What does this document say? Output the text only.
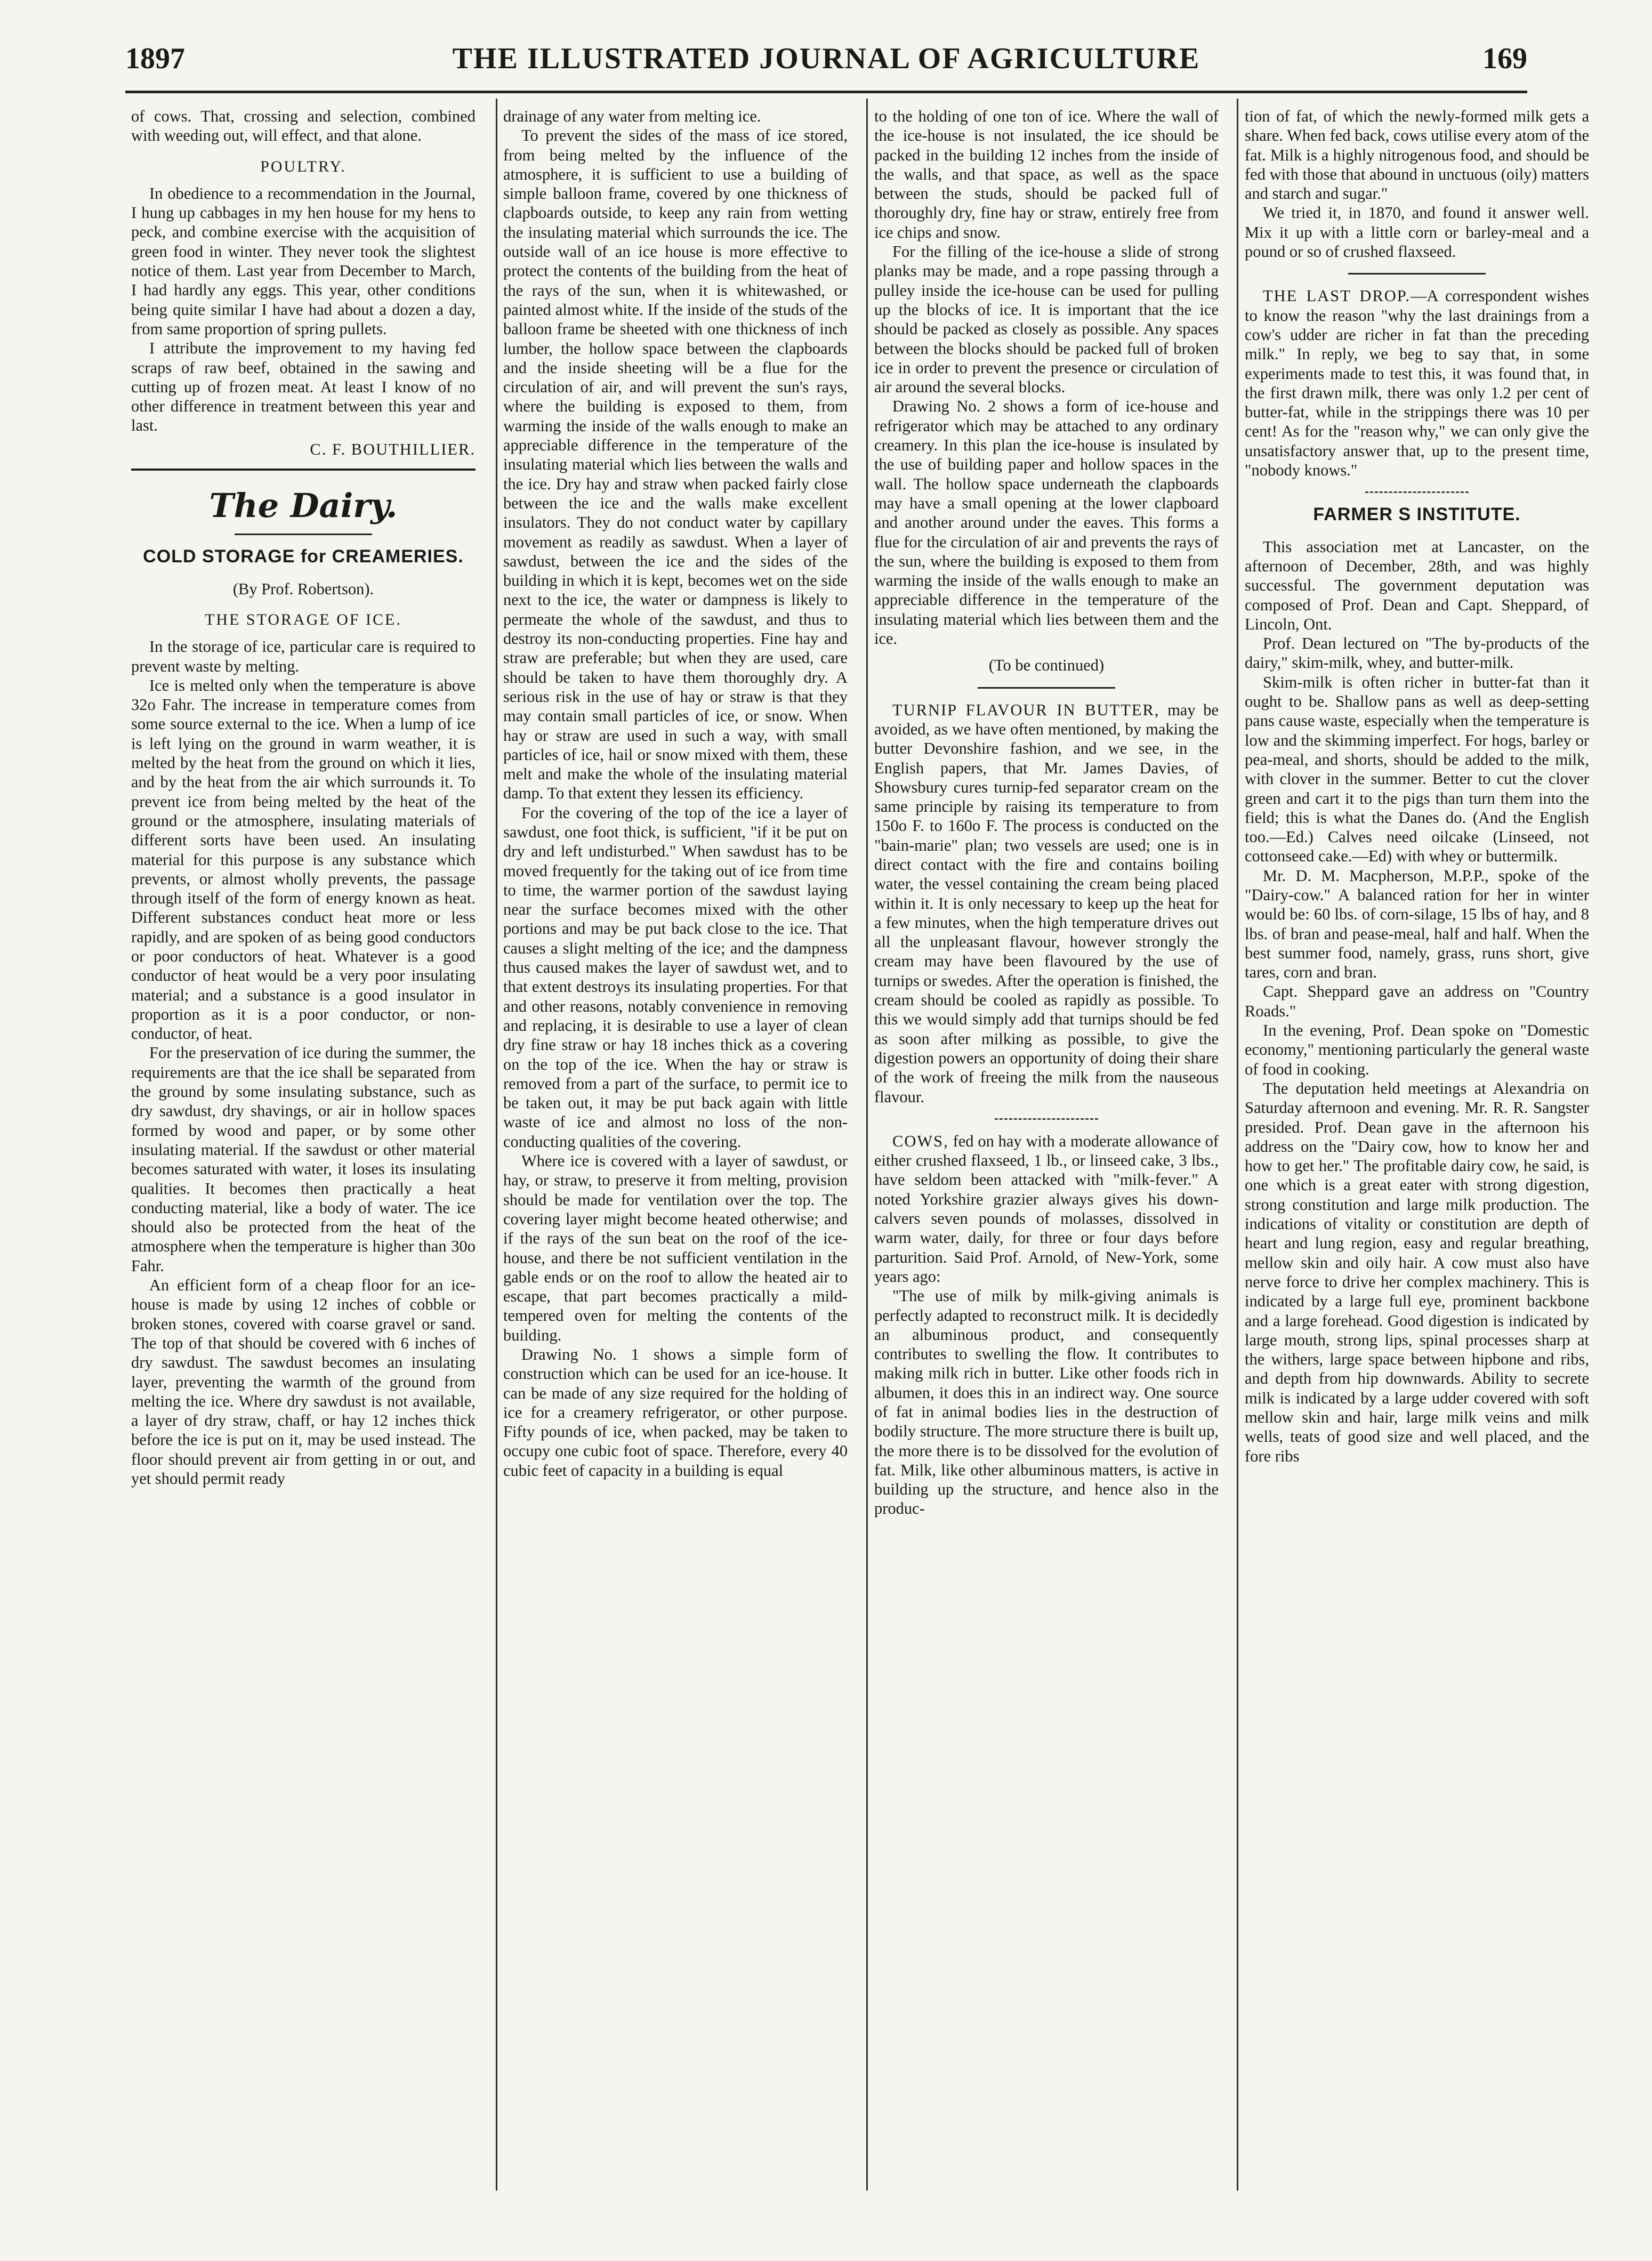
1897	THE ILLUSTRATED JOURNAL OF AGRICULTURE	169

of cows. That, crossing and selection, combined with weeding out, will effect, and that alone.

POULTRY.

In obedience to a recommendation in the Journal, I hung up cabbages in my hen house for my hens to peck, and combine exercise with the acquisition of green food in winter. They never took the slightest notice of them. Last year from December to March, I had hardly any eggs. This year, other conditions being quite similar I have had about a dozen a day, from same proportion of spring pullets.

I attribute the improvement to my having fed scraps of raw beef, obtained in the sawing and cutting up of frozen meat. At least I know of no other difference in treatment between this year and last.

C. F. BOUTHILLIER.

The Dairy.
COLD STORAGE for CREAMERIES.

(By Prof. Robertson).

THE STORAGE OF ICE.

In the storage of ice, particular care is required to prevent waste by melting.

Ice is melted only when the temperature is above 32o Fahr. The increase in temperature comes from some source external to the ice. When a lump of ice is left lying on the ground in warm weather, it is melted by the heat from the ground on which it lies, and by the heat from the air which surrounds it. To prevent ice from being melted by the heat of the ground or the atmosphere, insulating materials of different sorts have been used. An insulating material for this purpose is any substance which prevents, or almost wholly prevents, the passage through itself of the form of energy known as heat. Different substances conduct heat more or less rapidly, and are spoken of as being good conductors or poor conductors of heat. Whatever is a good conductor of heat would be a very poor insulating material; and a substance is a good insulator in proportion as it is a poor conductor, or non-conductor, of heat.

For the preservation of ice during the summer, the requirements are that the ice shall be separated from the ground by some insulating substance, such as dry sawdust, dry shavings, or air in hollow spaces formed by wood and paper, or by some other insulating material. If the sawdust or other material becomes saturated with water, it loses its insulating qualities. It becomes then practically a heat conducting material, like a body of water. The ice should also be protected from the heat of the atmosphere when the temperature is higher than 30o Fahr.

An efficient form of a cheap floor for an ice-house is made by using 12 inches of cobble or broken stones, covered with coarse gravel or sand. The top of that should be covered with 6 inches of dry sawdust. The sawdust becomes an insulating layer, preventing the warmth of the ground from melting the ice. Where dry sawdust is not available, a layer of dry straw, chaff, or hay 12 inches thick before the ice is put on it, may be used instead. The floor should prevent air from getting in or out, and yet should permit ready

drainage of any water from melting ice.

To prevent the sides of the mass of ice stored, from being melted by the influence of the atmosphere, it is sufficient to use a building of simple balloon frame, covered by one thickness of clapboards outside, to keep any rain from wetting the insulating material which surrounds the ice. The outside wall of an ice house is more effective to protect the contents of the building from the heat of the rays of the sun, when it is whitewashed, or painted almost white. If the inside of the studs of the balloon frame be sheeted with one thickness of inch lumber, the hollow space between the clapboards and the inside sheeting will be a flue for the circulation of air, and will prevent the sun's rays, where the building is exposed to them, from warming the inside of the walls enough to make an appreciable difference in the temperature of the insulating material which lies between the walls and the ice. Dry hay and straw when packed fairly close between the ice and the walls make excellent insulators. They do not conduct water by capillary movement as readily as sawdust. When a layer of sawdust, between the ice and the sides of the building in which it is kept, becomes wet on the side next to the ice, the water or dampness is likely to permeate the whole of the sawdust, and thus to destroy its non-conducting properties. Fine hay and straw are preferable; but when they are used, care should be taken to have them thoroughly dry. A serious risk in the use of hay or straw is that they may contain small particles of ice, or snow. When hay or straw are used in such a way, with small particles of ice, hail or snow mixed with them, these melt and make the whole of the insulating material damp. To that extent they lessen its efficiency.

For the covering of the top of the ice a layer of sawdust, one foot thick, is sufficient, "if it be put on dry and left undisturbed." When sawdust has to be moved frequently for the taking out of ice from time to time, the warmer portion of the sawdust laying near the surface becomes mixed with the other portions and may be put back close to the ice. That causes a slight melting of the ice; and the dampness thus caused makes the layer of sawdust wet, and to that extent destroys its insulating properties. For that and other reasons, notably convenience in removing and replacing, it is desirable to use a layer of clean dry fine straw or hay 18 inches thick as a covering on the top of the ice. When the hay or straw is removed from a part of the surface, to permit ice to be taken out, it may be put back again with little waste of ice and almost no loss of the non-conducting qualities of the covering.

Where ice is covered with a layer of sawdust, or hay, or straw, to preserve it from melting, provision should be made for ventilation over the top. The covering layer might become heated otherwise; and if the rays of the sun beat on the roof of the ice-house, and there be not sufficient ventilation in the gable ends or on the roof to allow the heated air to escape, that part becomes practically a mild-tempered oven for melting the contents of the building.

Drawing No. 1 shows a simple form of construction which can be used for an ice-house. It can be made of any size required for the holding of ice for a creamery refrigerator, or other purpose. Fifty pounds of ice, when packed, may be taken to occupy one cubic foot of space. Therefore, every 40 cubic feet of capacity in a building is equal

to the holding of one ton of ice. Where the wall of the ice-house is not insulated, the ice should be packed in the building 12 inches from the inside of the walls, and that space, as well as the space between the studs, should be packed full of thoroughly dry, fine hay or straw, entirely free from ice chips and snow.

For the filling of the ice-house a slide of strong planks may be made, and a rope passing through a pulley inside the ice-house can be used for pulling up the blocks of ice. It is important that the ice should be packed as closely as possible. Any spaces between the blocks should be packed full of broken ice in order to prevent the presence or circulation of air around the several blocks.

Drawing No. 2 shows a form of ice-house and refrigerator which may be attached to any ordinary creamery. In this plan the ice-house is insulated by the use of building paper and hollow spaces in the wall. The hollow space underneath the clapboards may have a small opening at the lower clapboard and another around under the eaves. This forms a flue for the circulation of air and prevents the rays of the sun, where the building is exposed to them from warming the inside of the walls enough to make an appreciable difference in the temperature of the insulating material which lies between them and the ice.

(To be continued)

TURNIP FLAVOUR IN BUTTER, may be avoided, as we have often mentioned, by making the butter Devonshire fashion, and we see, in the English papers, that Mr. James Davies, of Showsbury cures turnip-fed separator cream on the same principle by raising its temperature to from 150o F. to 160o F. The process is conducted on the "bain-marie" plan; two vessels are used; one is in direct contact with the fire and contains boiling water, the vessel containing the cream being placed within it. It is only necessary to keep up the heat for a few minutes, when the high temperature drives out all the unpleasant flavour, however strongly the cream may have been flavoured by the use of turnips or swedes. After the operation is finished, the cream should be cooled as rapidly as possible. To this we would simply add that turnips should be fed as soon after milking as possible, to give the digestion powers an opportunity of doing their share of the work of freeing the milk from the nauseous flavour.

COWS, fed on hay with a moderate allowance of either crushed flaxseed, 1 lb., or linseed cake, 3 lbs., have seldom been attacked with "milk-fever." A noted Yorkshire grazier always gives his down-calvers seven pounds of molasses, dissolved in warm water, daily, for three or four days before parturition. Said Prof. Arnold, of New-York, some years ago:

"The use of milk by milk-giving animals is perfectly adapted to reconstruct milk. It is decidedly an albuminous product, and consequently contributes to swelling the flow. It contributes to making milk rich in butter. Like other foods rich in albumen, it does this in an indirect way. One source of fat in animal bodies lies in the destruction of bodily structure. The more structure there is built up, the more there is to be dissolved for the evolution of fat. Milk, like other albuminous matters, is active in building up the structure, and hence also in the produc-

tion of fat, of which the newly-formed milk gets a share. When fed back, cows utilise every atom of the fat. Milk is a highly nitrogenous food, and should be fed with those that abound in unctuous (oily) matters and starch and sugar."

We tried it, in 1870, and found it answer well. Mix it up with a little corn or barley-meal and a pound or so of crushed flaxseed.

THE LAST DROP.—A correspondent wishes to know the reason "why the last drainings from a cow's udder are richer in fat than the preceding milk." In reply, we beg to say that, in some experiments made to test this, it was found that, in the first drawn milk, there was only 1.2 per cent of butter-fat, while in the strippings there was 10 per cent! As for the "reason why," we can only give the unsatisfactory answer that, up to the present time, "nobody knows."

FARMER S INSTITUTE.

This association met at Lancaster, on the afternoon of December, 28th, and was highly successful. The government deputation was composed of Prof. Dean and Capt. Sheppard, of Lincoln, Ont.

Prof. Dean lectured on "The by-products of the dairy," skim-milk, whey, and butter-milk.

Skim-milk is often richer in butter-fat than it ought to be. Shallow pans as well as deep-setting pans cause waste, especially when the temperature is low and the skimming imperfect. For hogs, barley or pea-meal, and shorts, should be added to the milk, with clover in the summer. Better to cut the clover green and cart it to the pigs than turn them into the field; this is what the Danes do. (And the English too.—Ed.) Calves need oilcake (Linseed, not cottonseed cake.—Ed) with whey or buttermilk.

Mr. D. M. Macpherson, M.P.P., spoke of the "Dairy-cow." A balanced ration for her in winter would be: 60 lbs. of corn-silage, 15 lbs of hay, and 8 lbs. of bran and pease-meal, half and half. When the best summer food, namely, grass, runs short, give tares, corn and bran.

Capt. Sheppard gave an address on "Country Roads."

In the evening, Prof. Dean spoke on "Domestic economy," mentioning particularly the general waste of food in cooking.

The deputation held meetings at Alexandria on Saturday afternoon and evening. Mr. R. R. Sangster presided. Prof. Dean gave in the afternoon his address on the "Dairy cow, how to know her and how to get her." The profitable dairy cow, he said, is one which is a great eater with strong digestion, strong constitution and large milk production. The indications of vitality or constitution are depth of heart and lung region, easy and regular breathing, mellow skin and oily hair. A cow must also have nerve force to drive her complex machinery. This is indicated by a large full eye, prominent backbone and a large forehead. Good digestion is indicated by large mouth, strong lips, spinal processes sharp at the withers, large space between hipbone and ribs, and depth from hip downwards. Ability to secrete milk is indicated by a large udder covered with soft mellow skin and hair, large milk veins and milk wells, teats of good size and well placed, and the fore ribs
